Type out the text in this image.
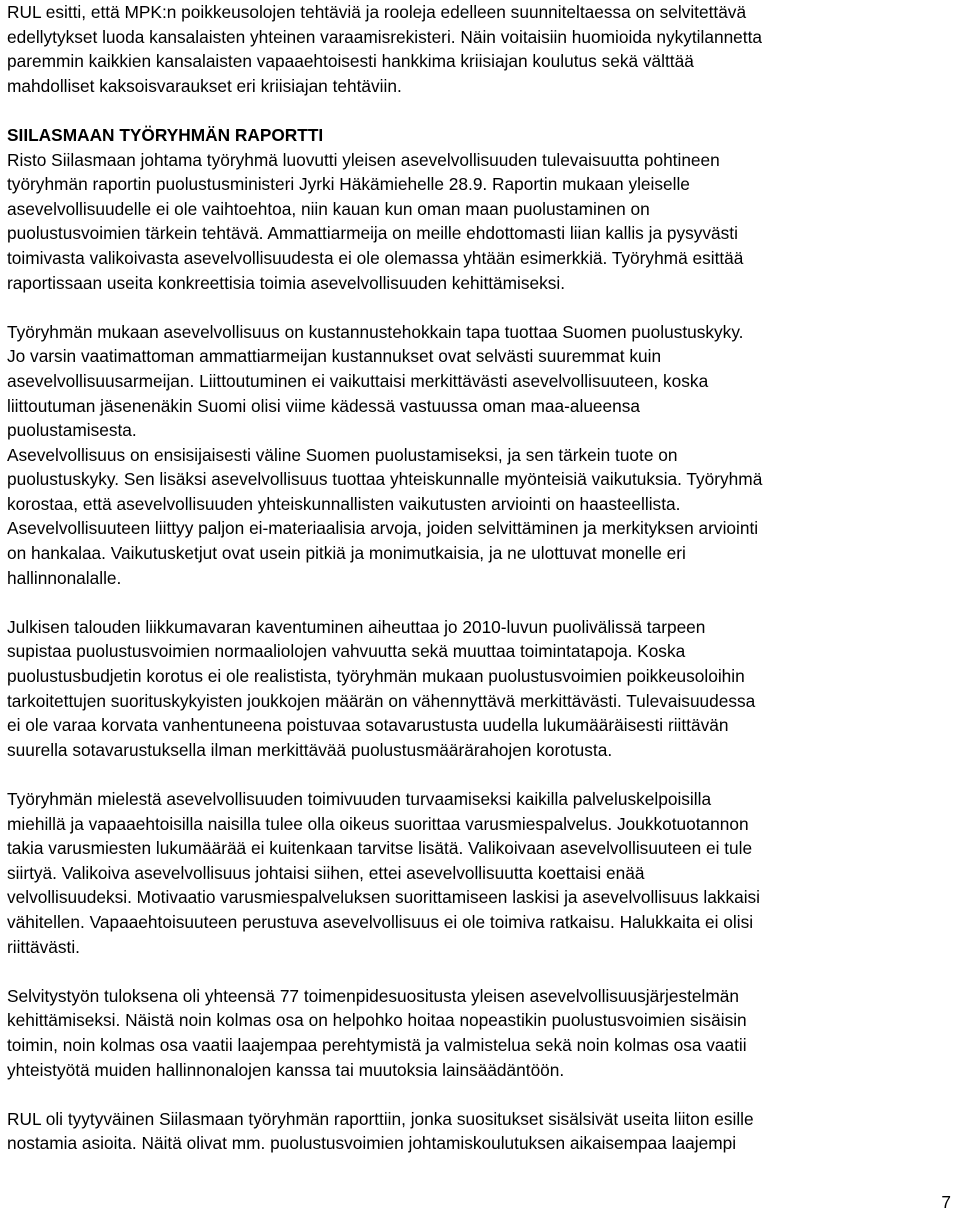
RUL esitti, että MPK:n poikkeusolojen tehtäviä ja rooleja edelleen suunniteltaessa on selvitettävä
edellytykset luoda kansalaisten yhteinen varaamisrekisteri. Näin voitaisiin huomioida nykytilannetta
paremmin kaikkien kansalaisten vapaaehtoisesti hankkima kriisiajan koulutus sekä välttää
mahdolliset kaksoisvaraukset eri kriisiajan tehtäviin.
SIILASMAAN TYÖRYHMÄN RAPORTTI
Risto Siilasmaan johtama työryhmä luovutti yleisen asevelvollisuuden tulevaisuutta pohtineen
työryhmän raportin puolustusministeri Jyrki Häkämiehelle 28.9. Raportin mukaan yleiselle
asevelvollisuudelle ei ole vaihtoehtoa, niin kauan kun oman maan puolustaminen on
puolustusvoimien tärkein tehtävä. Ammattiarmeija on meille ehdottomasti liian kallis ja pysyvästi
toimivasta valikoivasta asevelvollisuudesta ei ole olemassa yhtään esimerkkiä. Työryhmä esittää
raportissaan useita konkreettisia toimia asevelvollisuuden kehittämiseksi.
Työryhmän mukaan asevelvollisuus on kustannustehokkain tapa tuottaa Suomen puolustuskyky.
Jo varsin vaatimattoman ammattiarmeijan kustannukset ovat selvästi suuremmat kuin
asevelvollisuusarmeijan. Liittoutuminen ei vaikuttaisi merkittävästi asevelvollisuuteen, koska
liittoutuman jäsenenäkin Suomi olisi viime kädessä vastuussa oman maa-alueensa
puolustamisesta.
Asevelvollisuus on ensisijaisesti väline Suomen puolustamiseksi, ja sen tärkein tuote on
puolustuskyky. Sen lisäksi asevelvollisuus tuottaa yhteiskunnalle myönteisiä vaikutuksia. Työryhmä
korostaa, että asevelvollisuuden yhteiskunnallisten vaikutusten arviointi on haasteellista.
Asevelvollisuuteen liittyy paljon ei-materiaalisia arvoja, joiden selvittäminen ja merkityksen arviointi
on hankalaa. Vaikutusketjut ovat usein pitkiä ja monimutkaisia, ja ne ulottuvat monelle eri
hallinnonalalle.
Julkisen talouden liikkumavaran kaventuminen aiheuttaa jo 2010-luvun puolivälissä tarpeen
supistaa puolustusvoimien normaaliolojen vahvuutta sekä muuttaa toimintatapoja. Koska
puolustusbudjetin korotus ei ole realistista, työryhmän mukaan puolustusvoimien poikkeusoloihin
tarkoitettujen suorituskykyisten joukkojen määrän on vähennyttävä merkittävästi. Tulevaisuudessa
ei ole varaa korvata vanhentuneena poistuvaa sotavarustusta uudella lukumääräisesti riittävän
suurella sotavarustuksella ilman merkittävää puolustusmäärärahojen korotusta.
Työryhmän mielestä asevelvollisuuden toimivuuden turvaamiseksi kaikilla palveluskelpoisilla
miehillä ja vapaaehtoisilla naisilla tulee olla oikeus suorittaa varusmiespalvelus. Joukkotuotannon
takia varusmiesten lukumäärää ei kuitenkaan tarvitse lisätä. Valikoivaan asevelvollisuuteen ei tule
siirtyä. Valikoiva asevelvollisuus johtaisi siihen, ettei asevelvollisuutta koettaisi enää
velvollisuudeksi. Motivaatio varusmiespalveluksen suorittamiseen laskisi ja asevelvollisuus lakkaisi
vähitellen. Vapaaehtoisuuteen perustuva asevelvollisuus ei ole toimiva ratkaisu. Halukkaita ei olisi
riittävästi.
Selvitystyön tuloksena oli yhteensä 77 toimenpidesuositusta yleisen asevelvollisuusjärjestelmän
kehittämiseksi. Näistä noin kolmas osa on helpohko hoitaa nopeastikin puolustusvoimien sisäisin
toimin, noin kolmas osa vaatii laajempaa perehtymistä ja valmistelua sekä noin kolmas osa vaatii
yhteistyötä muiden hallinnonalojen kanssa tai muutoksia lainsäädäntöön.
RUL oli tyytyväinen Siilasmaan työryhmän raporttiin, jonka suositukset sisälsivät useita liiton esille
nostamia asioita. Näitä olivat mm. puolustusvoimien johtamiskoulutuksen aikaisempaa laajempi
7
